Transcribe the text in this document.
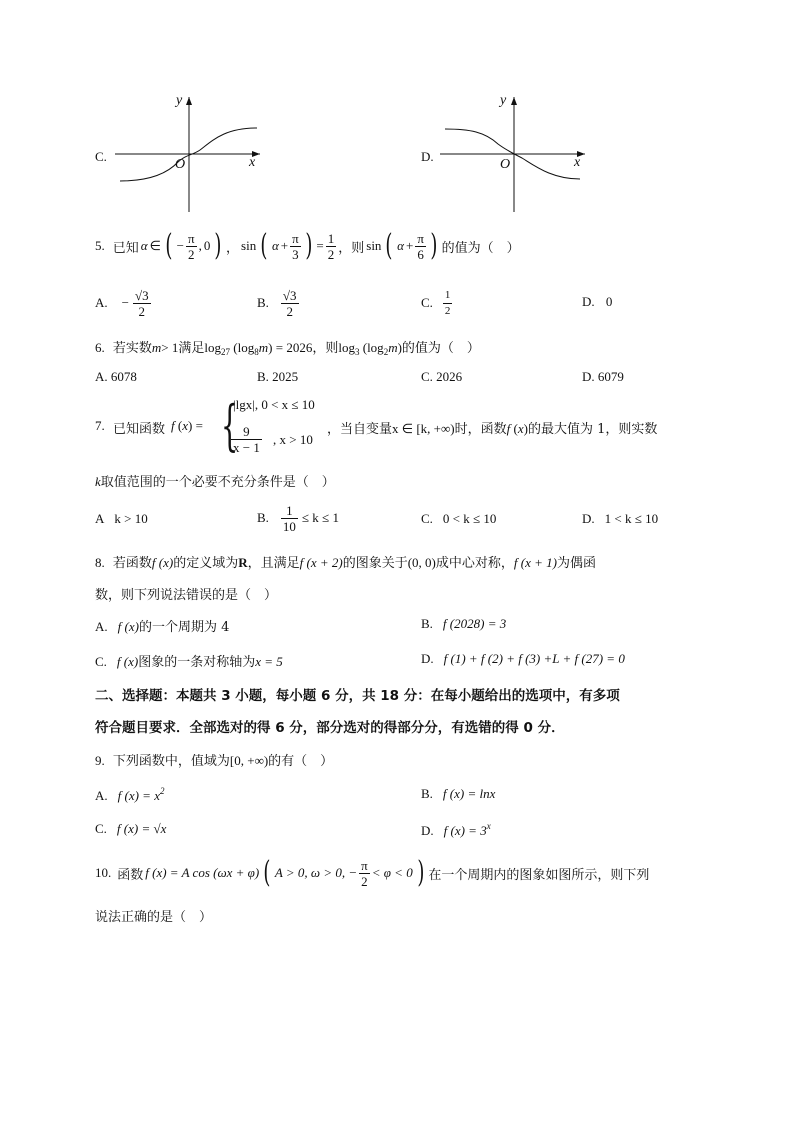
C.
y
x
O
D.
y
x
O
5. 已知 α ∈ ( − $\frac{\pi}{2}$ , 0 ) ， sin ( $\alpha + \frac{\pi}{3}$ ) = $\frac{1}{2}$ ，则 sin ( $\alpha + \frac{\pi}{6}$ ) 的值为（　）
A. − $\frac{√3}{2}$	B. $\frac{√3}{2}$	C. $\frac{1}{2}$	D. 0
6. 若实数m> 1满足$\log_{27} (\log_8m) = 2026$，则$\log_3 (\log_2m)$的值为（　）
A. 6078	B. 2025	C. 2026	D. 6079
7. 已知函数 f (x) = {
|lgx|, 0 < x ≤ 10
$\frac{9}{x - 1}$ , x > 10
，当自变量x ∈ [k, +∞)时，函数f (x)的最大值为 1，则实数
k取值范围的一个必要不充分条件是（　）
A k > 10	B. $\frac{1}{10} \le k \le 1$	C. 0 < k ≤ 10	D. 1 < k ≤ 10
8. 若函数f (x)的定义域为R，且满足f (x + 2)的图象关于(0, 0)成中心对称，f (x + 1)为偶函
数，则下列说法错误的是（　）
A. f (x)的一个周期为 4	B. f (2028) = 3
C. f (x)图象的一条对称轴为x = 5	D. f (1) + f (2) + f (3) +L + f (27) = 0
二、选择题：本题共 3 小题，每小题 6 分，共 18 分：在每小题给出的选项中，有多项
符合题目要求．全部选对的得 6 分，部分选对的得部分分，有选错的得 0 分．
9. 下列函数中，值域为[0, +∞)的有（　）
A. f $(x) = x^2$	B. f (x) = lnx
C. f (x) = √x	D. f $(x) = 3^x$
10. 函数 f (x) = A cos (ωx + φ) ( A > 0, ω > 0, − $\frac{\pi}{2} < \varphi < 0$ ) 在一个周期内的图象如图所示，则下列
说法正确的是（　）
